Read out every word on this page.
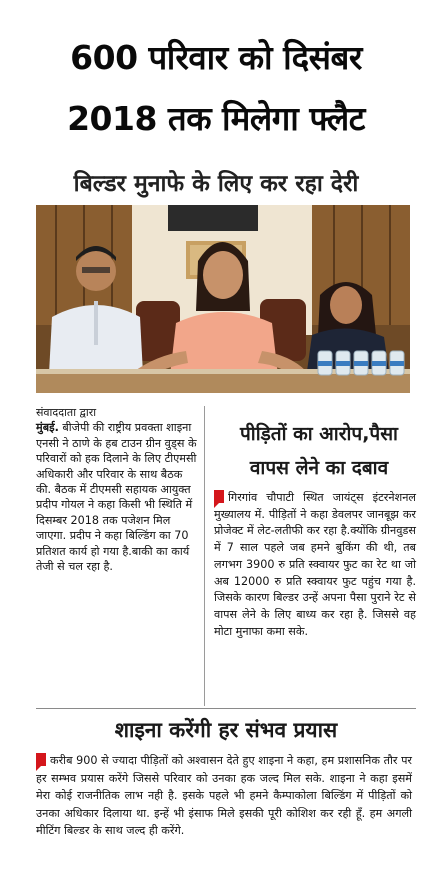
600 परिवार को दिसंबर
2018 तक मिलेगा फ्लैट
बिल्डर मुनाफे के लिए कर रहा देरी

संवाददाता द्वारा

मुंबई. बीजेपी की राष्ट्रीय प्रवक्ता शाइना एनसी ने ठाणे के हब टाउन ग्रीन वुड्स के परिवारों को हक दिलाने के लिए टीएमसी अधिकारी और परिवार के साथ बैठक की. बैठक में टीएमसी सहायक आयुक्त प्रदीप गोयल ने कहा किसी भी स्थिति में दिसम्बर 2018 तक पजेशन मिल जाएगा. प्रदीप ने कहा बिल्डिंग का 70 प्रतिशत कार्य हो गया है.बाकी का कार्य तेजी से चल रहा है.

पीड़ितों का आरोप,पैसा
वापस लेने का दबाव

गिरगांव चौपाटी स्थित जायंट्स इंटरनेशनल मुख्यालय में. पीड़ितों ने कहा डेवलपर जानबूझ कर प्रोजेक्ट में लेट-लतीफी कर रहा है.क्योंकि ग्रीनवुडस में 7 साल पहले जब हमने बुकिंग की थी, तब लगभग 3900 रु प्रति स्क्वायर फुट का रेट था जो अब 12000 रु प्रति स्क्वायर फुट पहुंच गया है. जिसके कारण बिल्डर उन्हें अपना पैसा पुराने रेट से वापस लेने के लिए बाध्य कर रहा है. जिससे वह मोटा मुनाफा कमा सके.

शाइना करेंगी हर संभव प्रयास

करीब 900 से ज्यादा पीड़ितों को अश्वासन देते हुए शाइना ने कहा, हम प्रशासनिक तौर पर हर सम्भव प्रयास करेंगे जिससे परिवार को उनका हक जल्द मिल सके. शाइना ने कहा इसमें मेरा कोई राजनीतिक लाभ नही है. इसके पहले भी हमने कैम्पाकोला बिल्डिंग में पीड़ितों को उनका अधिकार दिलाया था. इन्हें भी इंसाफ मिले इसकी पूरी कोशिश कर रही हूँ. हम अगली मीटिंग बिल्डर के साथ जल्द ही करेंगे.
